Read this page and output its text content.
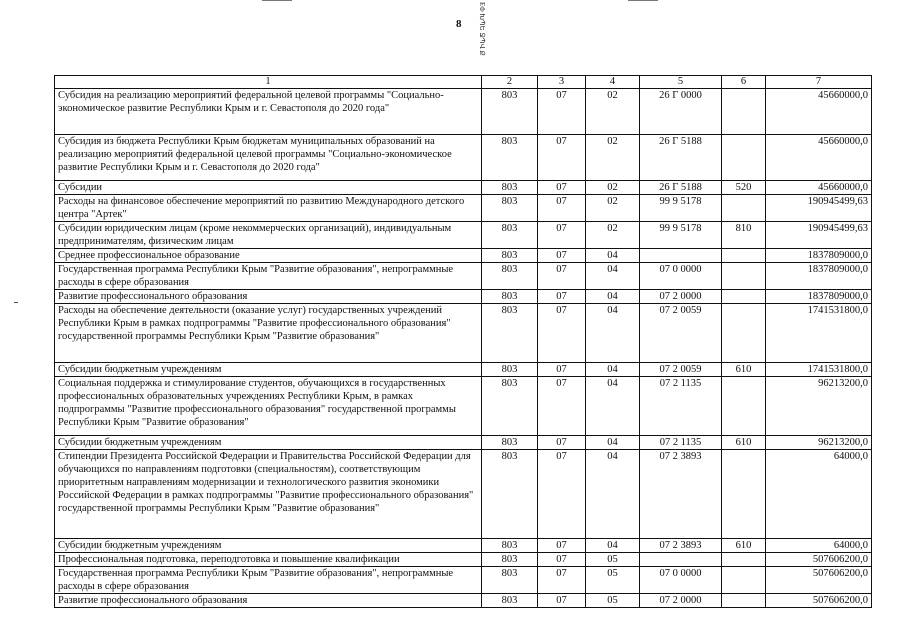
8	ЕФ ԽՊԵ ՋՊՎ Ք
1	2	3	4	5	6	7
Субсидия на реализацию мероприятий федеральной целевой программы "Социально-экономическое развитие Республики Крым и г. Севастополя до 2020 года"	803	07	02	26 Г 0000		45660000,0
Субсидия из бюджета Республики Крым бюджетам муниципальных образований на реализацию мероприятий федеральной целевой программы "Социально-экономическое развитие Республики Крым и г. Севастополя до 2020 года"	803	07	02	26 Г 5188		45660000,0
Субсидии	803	07	02	26 Г 5188	520	45660000,0
Расходы на финансовое обеспечение мероприятий по развитию Международного детского центра "Артек"	803	07	02	99 9 5178		190945499,63
Субсидии юридическим лицам (кроме некоммерческих организаций), индивидуальным предпринимателям, физическим лицам	803	07	02	99 9 5178	810	190945499,63
Среднее профессиональное образование	803	07	04			1837809000,0
Государственная программа Республики Крым "Развитие образования", непрограммные расходы в сфере образования	803	07	04	07 0 0000		1837809000,0
Развитие профессионального образования	803	07	04	07 2 0000		1837809000,0
Расходы на обеспечение деятельности (оказание услуг) государственных учреждений Республики Крым в рамках подпрограммы "Развитие профессионального образования" государственной программы Республики Крым "Развитие образования"	803	07	04	07 2 0059		1741531800,0
Субсидии бюджетным учреждениям	803	07	04	07 2 0059	610	1741531800,0
Социальная поддержка и стимулирование студентов, обучающихся в государственных профессиональных образовательных учреждениях Республики Крым, в рамках подпрограммы "Развитие профессионального образования" государственной программы Республики Крым "Развитие образования"	803	07	04	07 2 1135		96213200,0
Субсидии бюджетным учреждениям	803	07	04	07 2 1135	610	96213200,0
Стипендии Президента Российской Федерации и Правительства Российской Федерации для обучающихся по направлениям подготовки (специальностям), соответствующим приоритетным направлениям модернизации и технологического развития экономики Российской Федерации в рамках подпрограммы "Развитие профессионального образования" государственной программы Республики Крым "Развитие образования"	803	07	04	07 2 3893		64000,0
Субсидии бюджетным учреждениям	803	07	04	07 2 3893	610	64000,0
Профессиональная подготовка, переподготовка и повышение квалификации	803	07	05			507606200,0
Государственная программа Республики Крым "Развитие образования", непрограммные расходы в сфере образования	803	07	05	07 0 0000		507606200,0
Развитие профессионального образования	803	07	05	07 2 0000		507606200,0
